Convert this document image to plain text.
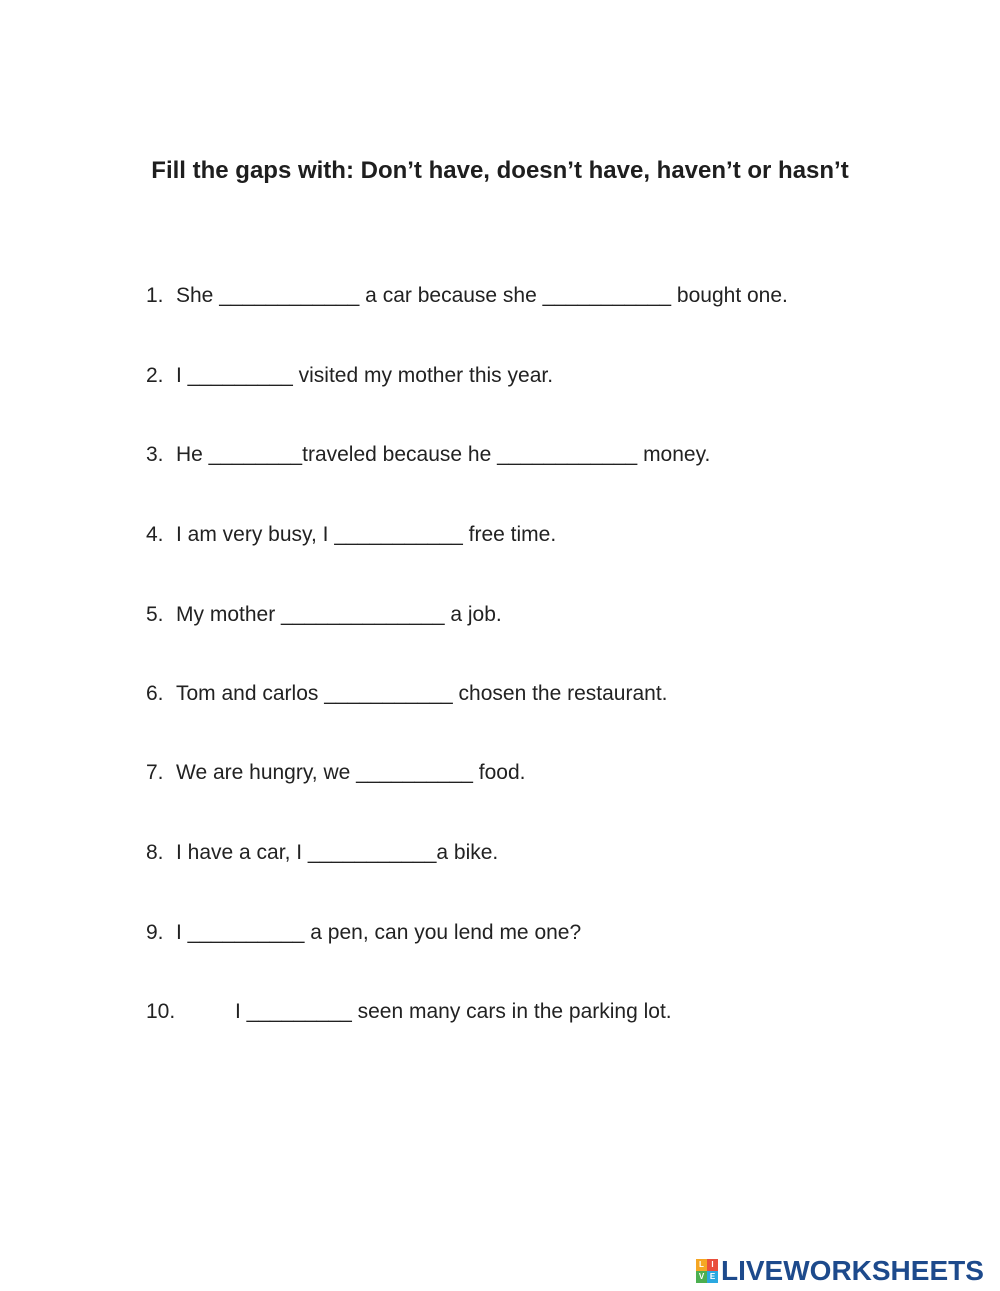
Fill the gaps with: Don’t have, doesn’t have, haven’t or hasn’t
1. She ____________ a car because she ___________ bought one.
2. I _________ visited my mother this year.
3. He ________traveled because he ____________ money.
4. I am very busy, I ___________ free time.
5. My mother ______________ a job.
6. Tom and carlos ___________ chosen the restaurant.
7. We are hungry, we __________ food.
8. I have a car, I ___________a bike.
9. I __________ a pen, can you lend me one?
10.	I _________ seen many cars in the parking lot.
L I
V E LIVEWORKSHEETS
